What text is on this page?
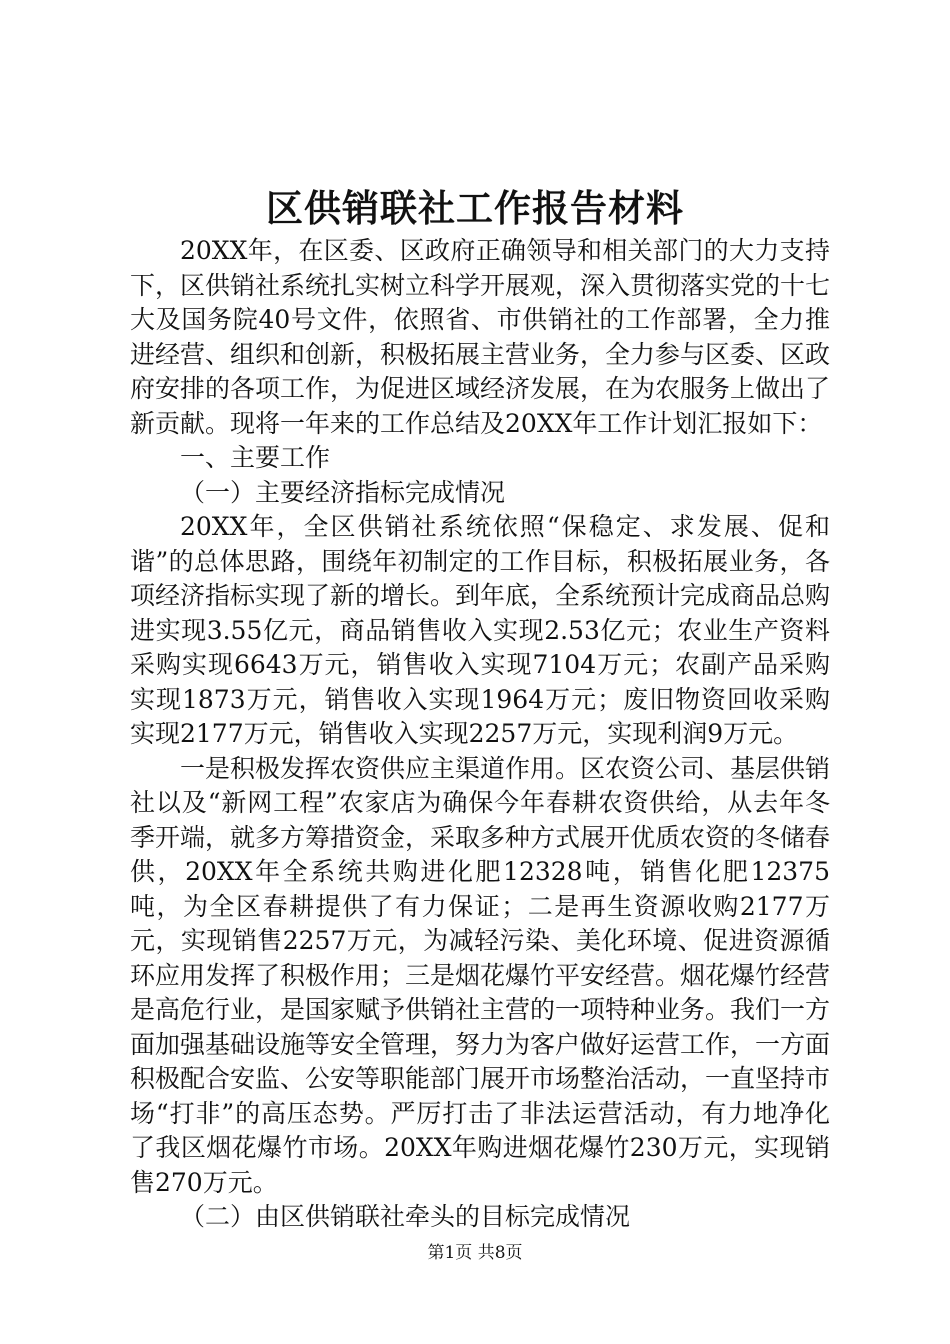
区供销联社工作报告材料

20XX年，在区委、区政府正确领导和相关部门的大力支持下，区供销社系统扎实树立科学开展观，深入贯彻落实党的十七大及国务院40号文件，依照省、市供销社的工作部署，全力推进经营、组织和创新，积极拓展主营业务，全力参与区委、区政府安排的各项工作，为促进区域经济发展，在为农服务上做出了新贡献。现将一年来的工作总结及20XX年工作计划汇报如下：

一、主要工作

（一）主要经济指标完成情况

20XX年，全区供销社系统依照“保稳定、求发展、促和谐”的总体思路，围绕年初制定的工作目标，积极拓展业务，各项经济指标实现了新的增长。到年底，全系统预计完成商品总购进实现3.55亿元，商品销售收入实现2.53亿元；农业生产资料采购实现6643万元，销售收入实现7104万元；农副产品采购实现1873万元，销售收入实现1964万元；废旧物资回收采购实现2177万元，销售收入实现2257万元，实现利润9万元。

一是积极发挥农资供应主渠道作用。区农资公司、基层供销社以及“新网工程”农家店为确保今年春耕农资供给，从去年冬季开端，就多方筹措资金，采取多种方式展开优质农资的冬储春供，20XX年全系统共购进化肥12328吨，销售化肥12375吨，为全区春耕提供了有力保证；二是再生资源收购2177万元，实现销售2257万元，为减轻污染、美化环境、促进资源循环应用发挥了积极作用；三是烟花爆竹平安经营。烟花爆竹经营是高危行业，是国家赋予供销社主营的一项特种业务。我们一方面加强基础设施等安全管理，努力为客户做好运营工作，一方面积极配合安监、公安等职能部门展开市场整治活动，一直坚持市场“打非”的高压态势。严厉打击了非法运营活动，有力地净化了我区烟花爆竹市场。20XX年购进烟花爆竹230万元，实现销售270万元。

（二）由区供销联社牵头的目标完成情况

第1页 共8页
